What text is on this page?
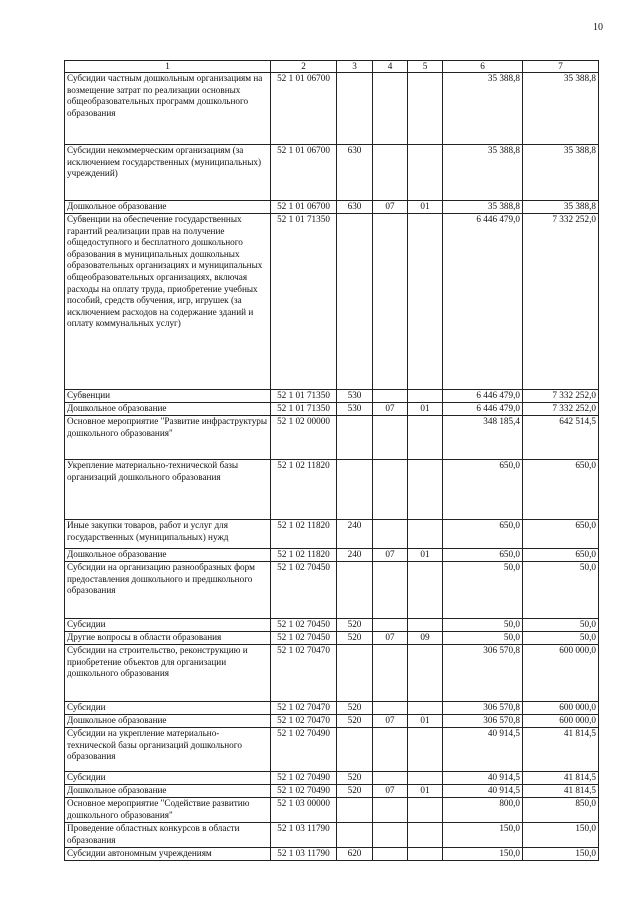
10
1	2	3	4	5	6	7
Субсидии частным дошкольным организациям на возмещение затрат по реализации основных общеобразовательных программ дошкольного образования	52 1 01 06700				35 388,8	35 388,8
Субсидии некоммерческим организациям (за исключением государственных (муниципальных) учреждений)	52 1 01 06700	630			35 388,8	35 388,8
Дошкольное образование	52 1 01 06700	630	07	01	35 388,8	35 388,8
Субвенции на обеспечение государственных гарантий реализации прав на получение общедоступного и бесплатного дошкольного образования в муниципальных дошкольных образовательных организациях и муниципальных общеобразовательных организациях, включая расходы на оплату труда, приобретение учебных пособий, средств обучения, игр, игрушек (за исключением расходов на содержание зданий и оплату коммунальных услуг)	52 1 01 71350				6 446 479,0	7 332 252,0
Субвенции	52 1 01 71350	530			6 446 479,0	7 332 252,0
Дошкольное образование	52 1 01 71350	530	07	01	6 446 479,0	7 332 252,0
Основное мероприятие "Развитие инфраструктуры дошкольного образования"	52 1 02 00000				348 185,4	642 514,5
Укрепление материально-технической базы организаций дошкольного образования	52 1 02 11820				650,0	650,0
Иные закупки товаров, работ и услуг для государственных (муниципальных) нужд	52 1 02 11820	240			650,0	650,0
Дошкольное образование	52 1 02 11820	240	07	01	650,0	650,0
Субсидии на организацию разнообразных форм предоставления дошкольного и предшкольного образования	52 1 02 70450				50,0	50,0
Субсидии	52 1 02 70450	520			50,0	50,0
Другие вопросы в области образования	52 1 02 70450	520	07	09	50,0	50,0
Субсидии на строительство, реконструкцию и приобретение объектов для организации дошкольного образования	52 1 02 70470				306 570,8	600 000,0
Субсидии	52 1 02 70470	520			306 570,8	600 000,0
Дошкольное образование	52 1 02 70470	520	07	01	306 570,8	600 000,0
Субсидии на укрепление материально-технической базы организаций дошкольного образования	52 1 02 70490				40 914,5	41 814,5
Субсидии	52 1 02 70490	520			40 914,5	41 814,5
Дошкольное образование	52 1 02 70490	520	07	01	40 914,5	41 814,5
Основное мероприятие "Содействие развитию дошкольного образования"	52 1 03 00000				800,0	850,0
Проведение областных конкурсов в области образования	52 1 03 11790				150,0	150,0
Субсидии автономным учреждениям	52 1 03 11790	620			150,0	150,0
